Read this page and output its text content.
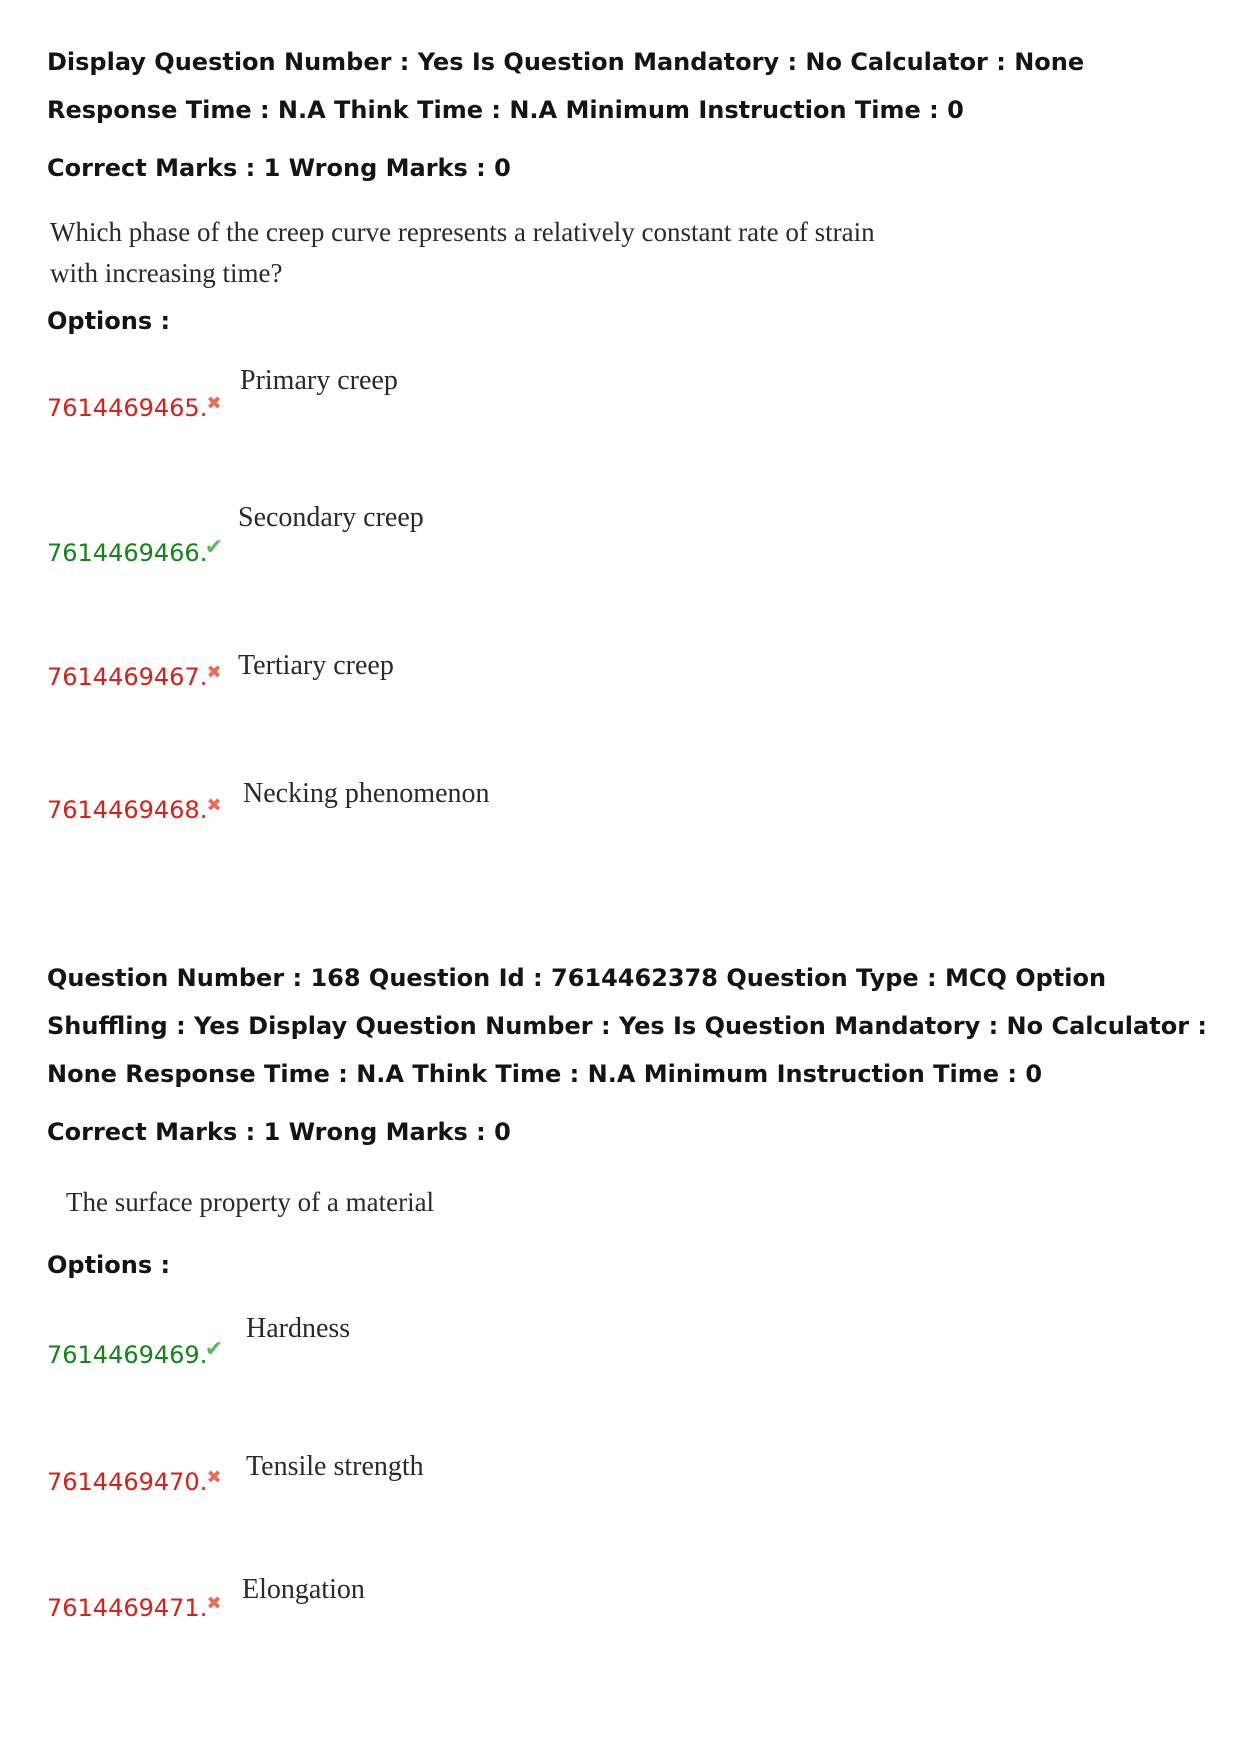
Display Question Number : Yes Is Question Mandatory : No Calculator : None Response Time : N.A Think Time : N.A Minimum Instruction Time : 0
Correct Marks : 1 Wrong Marks : 0
Which phase of the creep curve represents a relatively constant rate of strain
with increasing time?
Options :
7614469465. ✖
Primary creep
7614469466.
✔
Secondary creep
7614469467. ✖ Tertiary creep
7614469468. ✖ Necking phenomenon
Question Number : 168 Question Id : 7614462378 Question Type : MCQ Option Shuffling : Yes Display Question Number : Yes Is Question Mandatory : No Calculator : None Response Time : N.A Think Time : N.A Minimum Instruction Time : 0
Correct Marks : 1 Wrong Marks : 0
The surface property of a material
Options :
7614469469.
✔
Hardness
7614469470. ✖ Tensile strength
7614469471. ✖ Elongation
